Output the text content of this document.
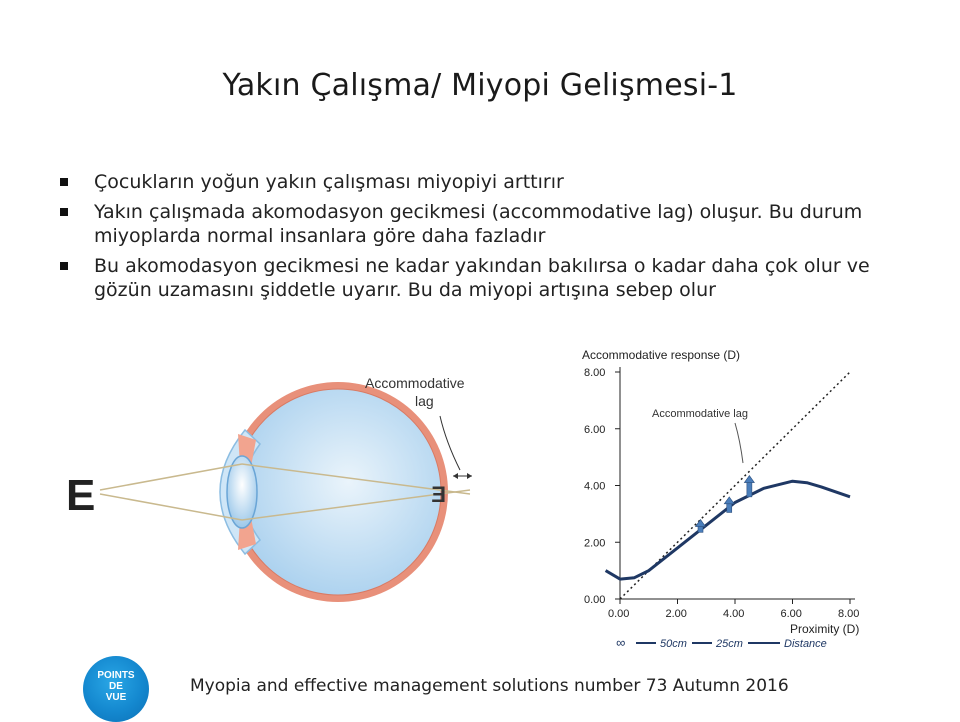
Yakın Çalışma/ Miyopi Gelişmesi-1
Çocukların yoğun yakın çalışması miyopiyi arttırır
Yakın çalışmada akomodasyon gecikmesi (accommodative lag) oluşur. Bu durum miyoplarda normal insanlara göre daha fazladır
Bu akomodasyon gecikmesi ne kadar yakından bakılırsa o kadar daha çok olur ve gözün uzamasını şiddetle uyarır. Bu da miyopi artışına sebep olur
E	E
Accommodative
lag
Accommodative response (D)
Proximity (D)
Accommodative lag
8.00
6.00
4.00
2.00
0.00
0.00	2.00	4.00	6.00	8.00
∞	50cm	25cm	Distance
POINTS
DE
VUE
Myopia and effective management solutions number 73 Autumn 2016
